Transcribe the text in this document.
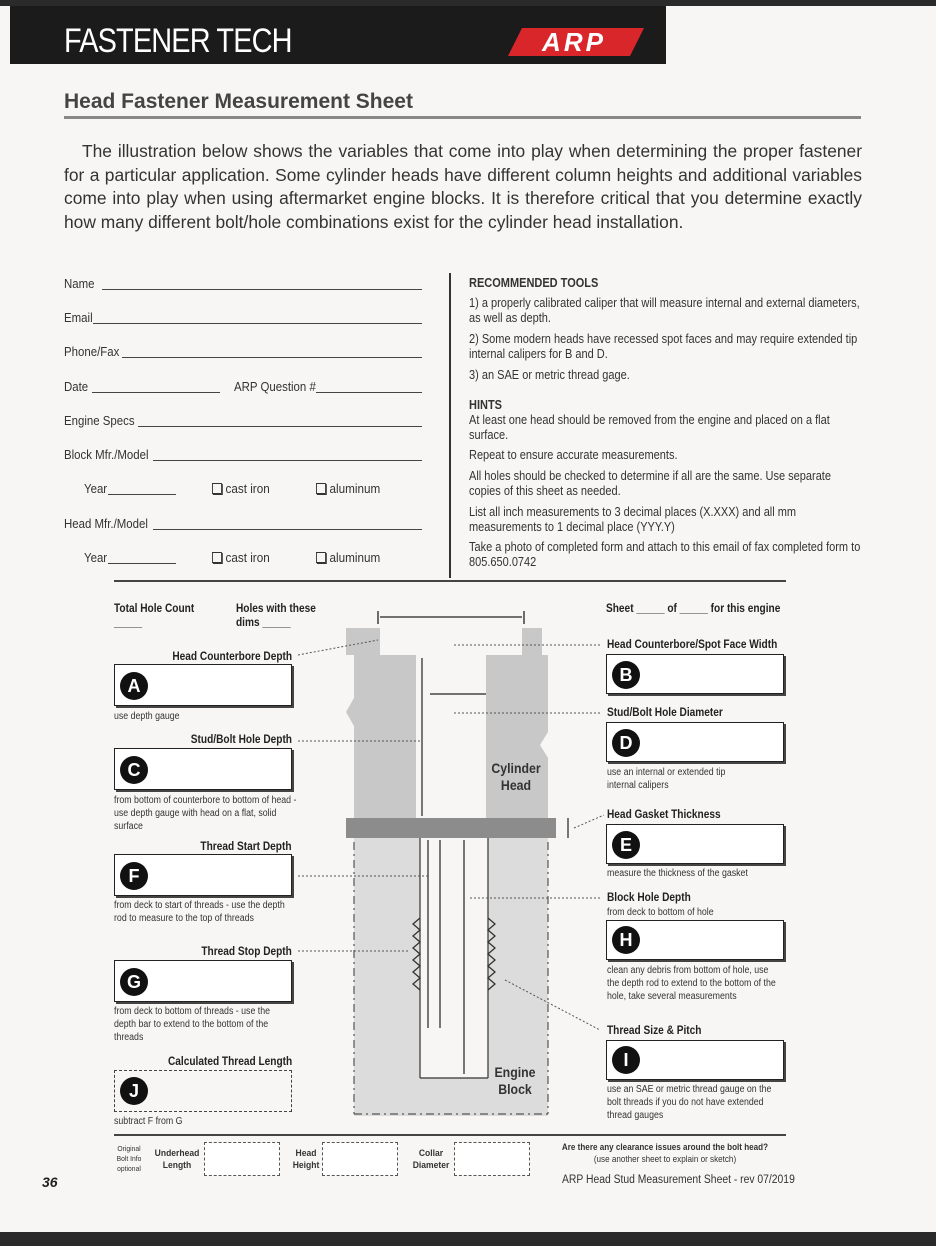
FASTENER TECH	ARP
Head Fastener Measurement Sheet
The illustration below shows the variables that come into play when determining the proper fastener for a particular application. Some cylinder heads have different column heights and additional variables come into play when using aftermarket engine blocks. It is therefore critical that you determine exactly how many different bolt/hole combinations exist for the cylinder head installation.
Name
Email
Phone/Fax
Date	ARP Question #
Engine Specs
Block Mfr./Model
Year	cast iron	aluminum
Head Mfr./Model
Year	cast iron	aluminum
RECOMMENDED TOOLS
1) a properly calibrated caliper that will measure internal and external diameters, as well as depth.
2) Some modern heads have recessed spot faces and may require extended tip internal calipers for B and D.
3) an SAE or metric thread gage.
HINTS
At least one head should be removed from the engine and placed on a flat surface.
Repeat to ensure accurate measurements.
All holes should be checked to determine if all are the same. Use separate copies of this sheet as needed.
List all inch measurements to 3 decimal places (X.XXX) and all mm measurements to 1 decimal place (YYY.Y)
Take a photo of completed form and attach to this email of fax completed form to 805.650.0742
Cylinder Head
Engine Block
Total Hole Count _____
Holes with these dims _____
Sheet _____ of _____ for this engine
Head Counterbore Depth
A
use depth gauge
Stud/Bolt Hole Depth
C
from bottom of counterbore to bottom of head - use depth gauge with head on a flat, solid surface
Thread Start Depth
F
from deck to start of threads - use the depth rod to measure to the top of threads
Thread Stop Depth
G
from deck to bottom of threads - use the depth bar to extend to the bottom of the threads
Calculated Thread Length
J
subtract F from G
Head Counterbore/Spot Face Width
B
Stud/Bolt Hole Diameter
D
use an internal or extended tip internal calipers
Head Gasket Thickness
E
measure the thickness of the gasket
Block Hole Depth
from deck to bottom of hole
H
clean any debris from bottom of hole, use the depth rod to extend to the bottom of the hole, take several measurements
Thread Size & Pitch
I
use an SAE or metric thread gauge on the bolt threads if you do not have extended thread gauges
Original Bolt Info optional
Underhead Length
Head Height
Collar Diameter
Are there any clearance issues around the bolt head?
(use another sheet to explain or sketch)
36	ARP Head Stud Measurement Sheet - rev 07/2019
